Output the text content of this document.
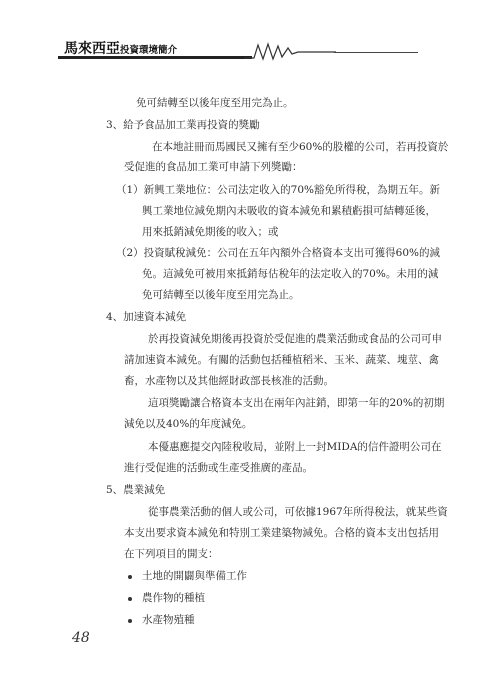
馬來西亞投資環境簡介
免可結轉至以後年度至用完為止。
3、給予食品加工業再投資的獎勵
在本地註冊而馬國民又擁有至少60%的股權的公司，若再投資於
受促進的食品加工業可申請下列獎勵：
（1）新興工業地位：公司法定收入的70%豁免所得稅，為期五年。新
興工業地位減免期內未吸收的資本減免和累積虧損可結轉延後，
用來抵銷減免期後的收入；或
（2）投資賦稅減免：公司在五年內額外合格資本支出可獲得60%的減
免。這減免可被用來抵銷每估稅年的法定收入的70%。未用的減
免可結轉至以後年度至用完為止。
4、加速資本減免
於再投資減免期後再投資於受促進的農業活動或食品的公司可申
請加速資本減免。有關的活動包括種植稻米、玉米、蔬菜、塊莖、禽
畜，水產物以及其他經財政部長核准的活動。
這項獎勵讓合格資本支出在兩年內註銷，即第一年的20%的初期
減免以及40%的年度減免。
本優惠應提交內陸稅收局，並附上一封MIDA的信件證明公司在
進行受促進的活動或生產受推廣的產品。
5、農業減免
從事農業活動的個人或公司，可依據1967年所得稅法，就某些資
本支出要求資本減免和特別工業建築物減免。合格的資本支出包括用
在下列項目的開支：
土地的開闢與準備工作
農作物的種植
水產物殖種
48
